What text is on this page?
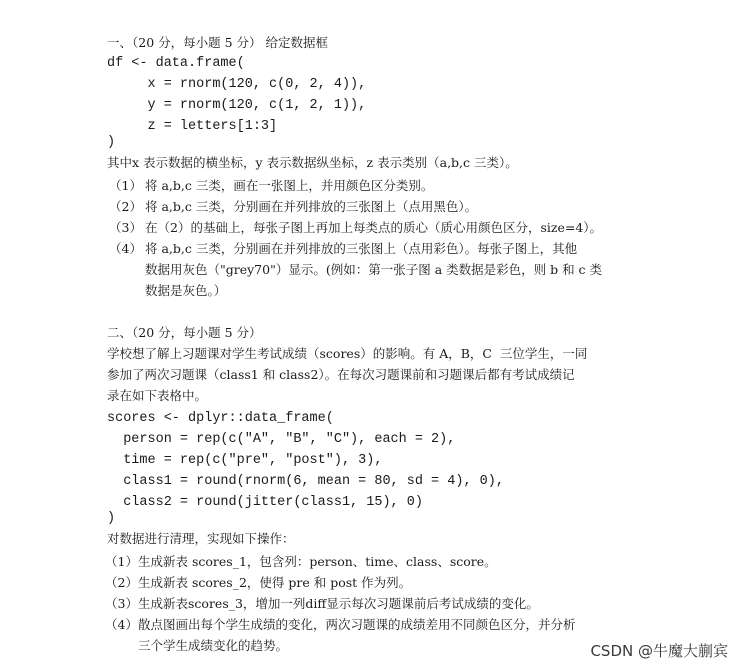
一、（20 分，每小题 5 分） 给定数据框
df <- data.frame(
x = rnorm(120, c(0, 2, 4)),
y = rnorm(120, c(1, 2, 1)),
z = letters[1:3]
)
其中x 表示数据的横坐标，y 表示数据纵坐标，z 表示类别（a,b,c 三类）。
（1） 将 a,b,c 三类，画在一张图上，并用颜色区分类别。
（2） 将 a,b,c 三类，分别画在并列排放的三张图上（点用黑色）。
（3） 在（2）的基础上，每张子图上再加上每类点的质心（质心用颜色区分，size=4）。
（4） 将 a,b,c 三类，分别画在并列排放的三张图上（点用彩色）。每张子图上，其他
数据用灰色（"grey70"）显示。(例如：第一张子图 a 类数据是彩色，则 b 和 c 类
数据是灰色。）
二、（20 分，每小题 5 分）
学校想了解上习题课对学生考试成绩（scores）的影响。有 A，B，C  三位学生，一同
参加了两次习题课（class1 和 class2）。在每次习题课前和习题课后都有考试成绩记
录在如下表格中。
scores <- dplyr::data_frame(
person = rep(c("A", "B", "C"), each = 2),
time = rep(c("pre", "post"), 3),
class1 = round(rnorm(6, mean = 80, sd = 4), 0),
class2 = round(jitter(class1, 15), 0)
)
对数据进行清理，实现如下操作：
（1） 生成新表 scores_1，包含列：person、time、class、score。
（2） 生成新表 scores_2，使得 pre 和 post 作为列。
（3） 生成新表scores_3，增加一列diff显示每次习题课前后考试成绩的变化。
（4） 散点图画出每个学生成绩的变化，两次习题课的成绩差用不同颜色区分，并分析
三个学生成绩变化的趋势。	CSDN @牛魔大蒯宾
